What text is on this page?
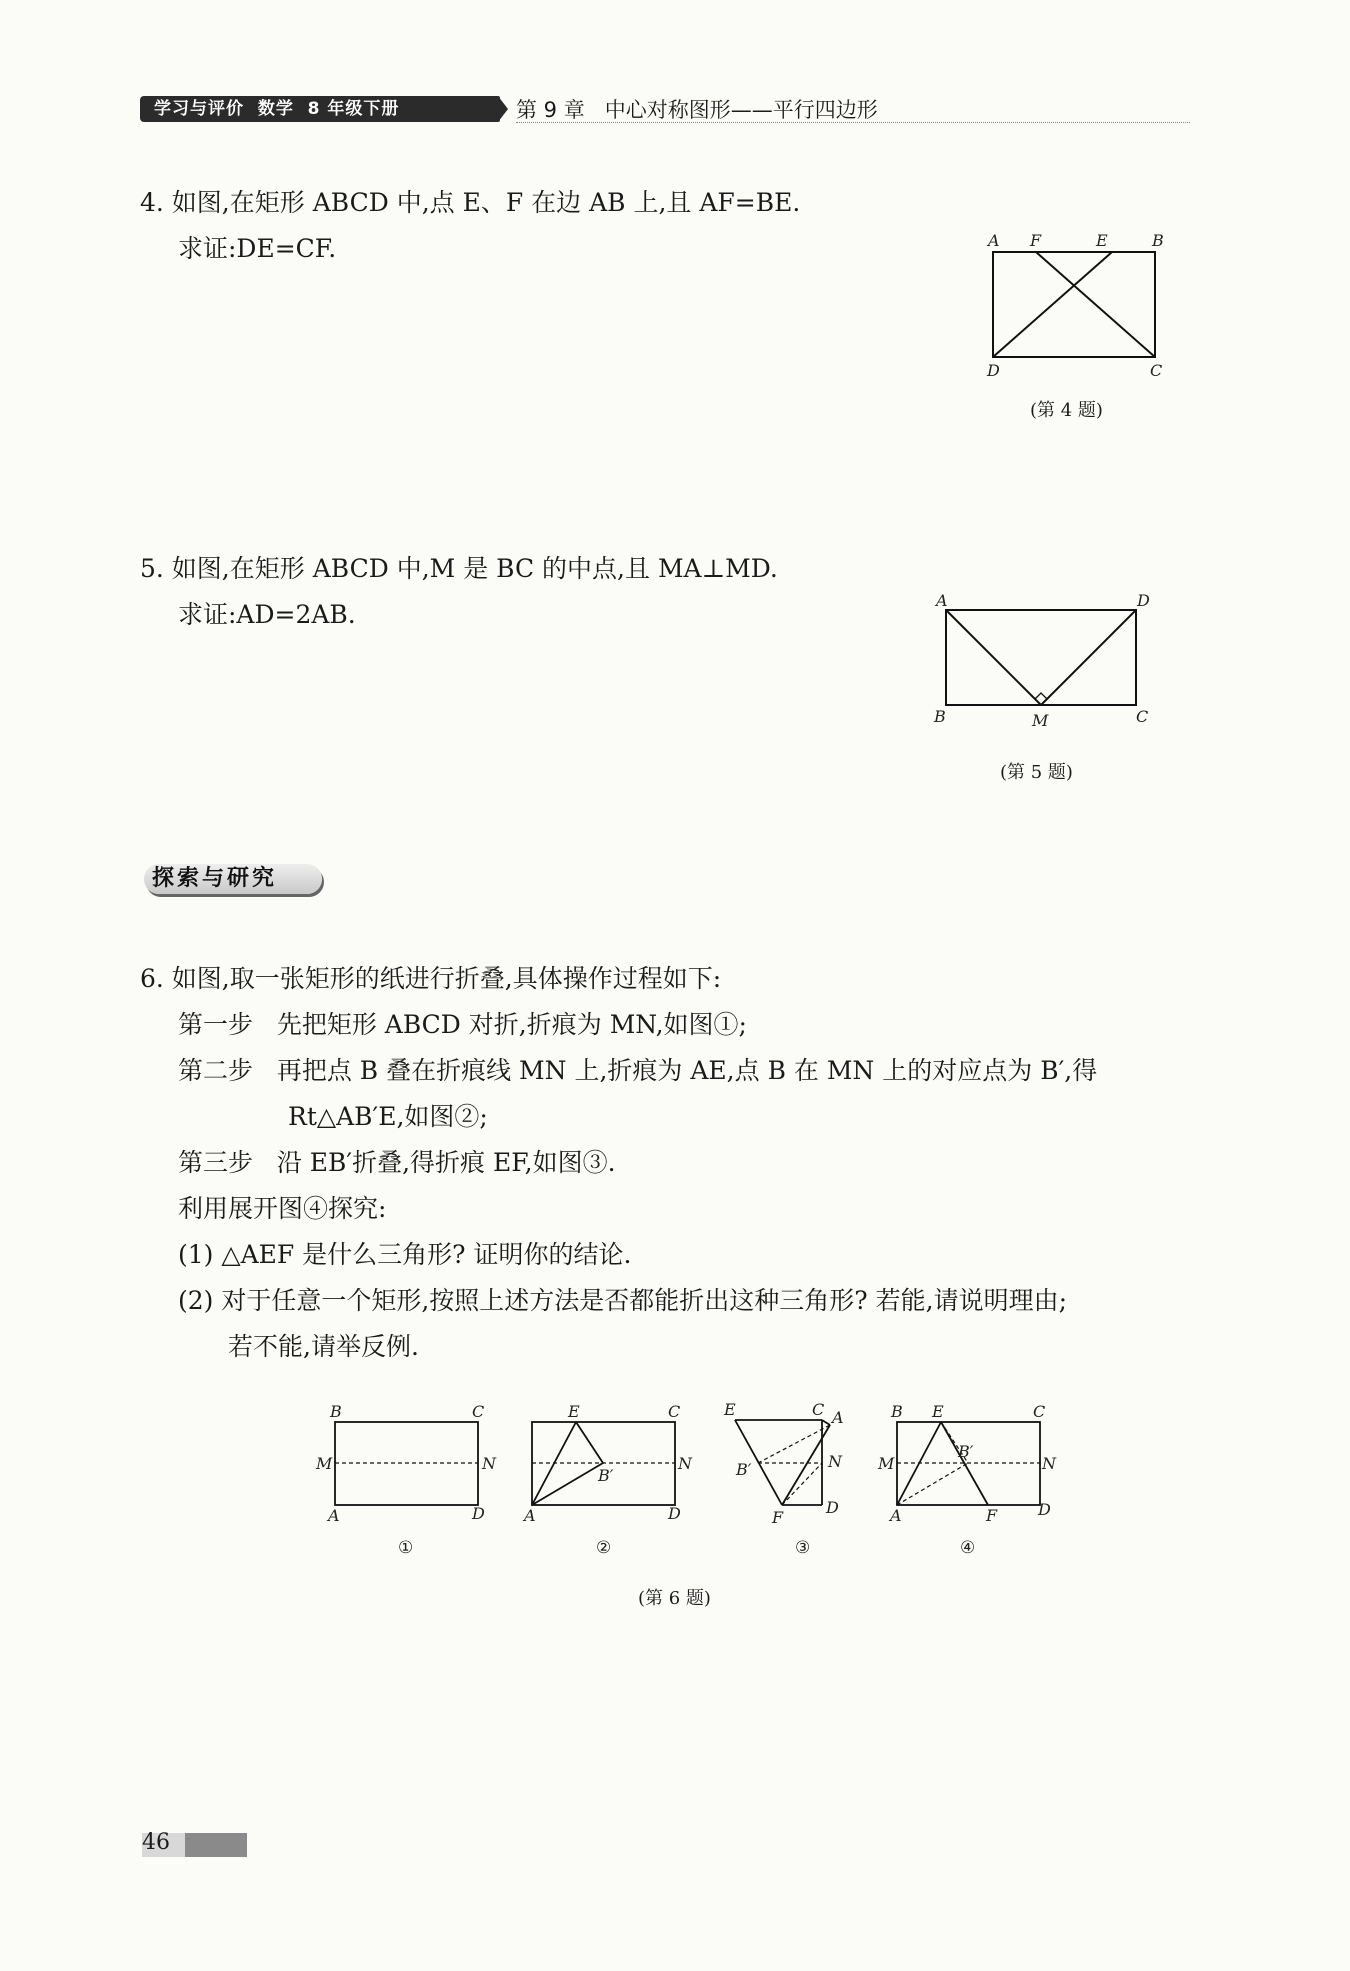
学习与评价  数学  8 年级下册	第 9 章   中心对称图形——平行四边形
4. 如图,在矩形 ABCD 中,点 E、F 在边 AB 上,且 AF=BE.
求证:DE=CF.	A F	E	B
D	C
(第 4 题)
5. 如图,在矩形 ABCD 中,M 是 BC 的中点,且 MA⊥MD.
求证:AD=2AB.	A	D
B	M	C
(第 5 题)
探索与研究
6. 如图,取一张矩形的纸进行折叠,具体操作过程如下:
第一步   先把矩形 ABCD 对折,折痕为 MN,如图①;
第二步   再把点 B 叠在折痕线 MN 上,折痕为 AE,点 B 在 MN 上的对应点为 B′,得
Rt△AB′E,如图②;
第三步   沿 EB′折叠,得折痕 EF,如图③.
利用展开图④探究:
(1) △AEF 是什么三角形? 证明你的结论.
(2) 对于任意一个矩形,按照上述方法是否都能折出这种三角形? 若能,请说明理由;
若不能,请举反例.
B	C
M	N
A	D
①
E	C
N
B′
A	D
②
E	C A
N
B′
F
D
③
B E	C
M
B′
N
A	F	D
④
(第 6 题)
46
